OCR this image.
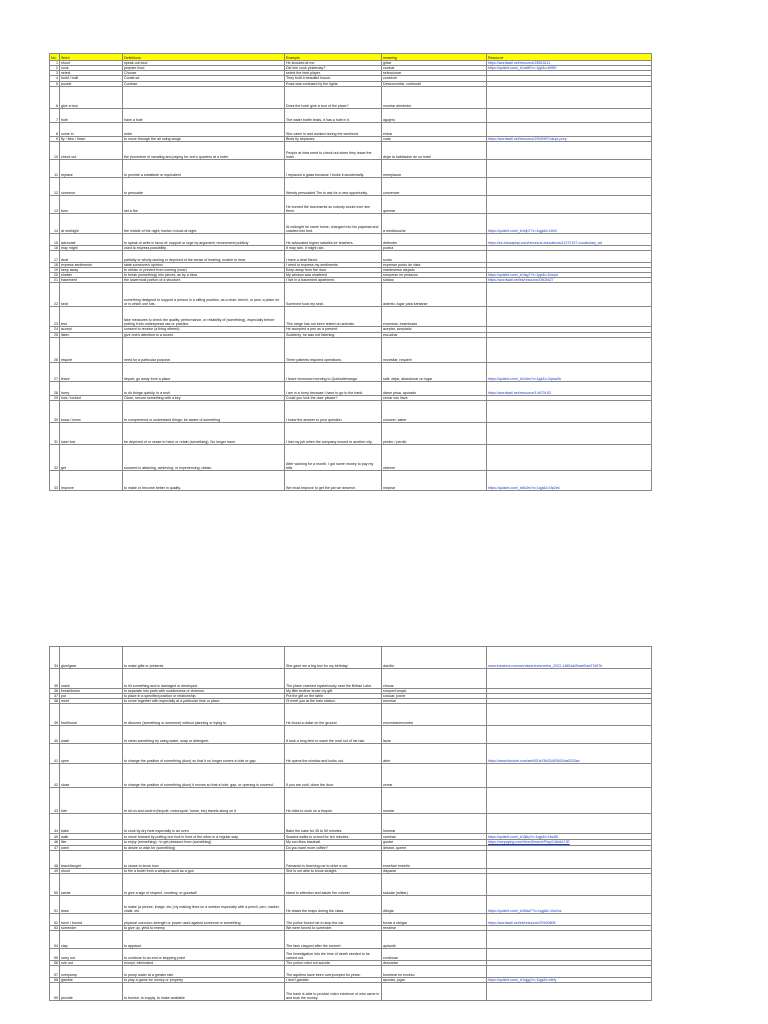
No.	Word	Definitions	Example	meaning	Resource
1	shout	speak out loud	He shouted at me.	gritar	https://wordwall.net/resource/28515111
2	cook	prepare food	Did she cook yesterday?	cocinar	https://quizlet.com/_b1wt8f?x=1jqt&i=4tf9l9
3	select	Choose	select the best player.	seleccionar	
4	build / built	Construct	They built a beautiful house.	construir	
5	puzzle	Confuse	Rosa was confused by the lights.	Desconcertar, confundir	
6	give a tour		Does the hotel give a tour of the place?	mostrar alrededor	
7	hole	have a hole	The water bottle leaks, it has a hole in it.	agujero	
8	come in	enter	She came in and worked during the weekend.	entrar	
9	fly / flew / flown	to move through the air using wings	Birds fly airplanes	volar	https://wordwall.net/resource/2949497/ukupi-prep
10	check out	the procedure of vacating and paying for one's quarters at a hotel.	People at intra need to check out when they leave the hotel.	dejar la habitación de un hotel	
11	replace	to provide a substitute or equivalent	I replaced a glass because I broke it accidentally.	reemplazar	
12	convince	to persuade	Wendy persuaded Tim to ask for a new opportunity.	convencer	
13	burn	set a fire	He burned the documents so nobody would ever see them.	quemar	
14	at midnight	the middle of the night; twelve o'clock at night.	At midnight he came home, changed into his pajamas and crawled into bed.	a medianoche	https://quizlet.com/_b1kjh7?x=1qgt&i=18h3
15	advocate	to speak or write in favor of; support or urge by argument; recommend publicly	He advocated higher salaries for teachers.	defender	https://es.educaplay.com/recursos-educativos/11372157-vocabulary_ad
16	may might	used to express possibility.	It may rain. It might rain.	podría	
17	deaf	partially or wholly lacking or deprived of the sense of hearing; unable to hear.	I have a deaf friend.	sordo	
18	express sentiments	state someone's opinion	I need to express my sentiments.	expresar punto de vista	
19	keep away	to refrain or prevent from coming (near)	Keep away from the door.	mantenerse alejado	
20	shatter	to break (something) into pieces, as by a blow.	My window was shattered	romperse en pedazos	https://quizlet.com/_b1lsg7?x=1jqt&i=1bxysr
21	basement	the lowermost portion of a structure.	I live in a basement apartment.	sótano	https://wordwall.net/es/resource/2804627
22	seat	something designed to support a person in a sitting position, as a chair, bench, or pew; a place on or in which one sits.	Someone took my seat.	asiento, lugar para sentarse	
23	test	take measures to check the quality, performance, or reliability of (something), especially before putting it into widespread use or practice.	This range has not been tested on animals.	examinar, examinado	
24	accept	consent to receive (a thing offered).	He accepted a pen as a present.	aceptar, aceptado	
25	listen	give one's attention to a sound.	Suddenly, he was not listening.	escuchar	
26	require	need for a particular purpose.	Three patients required operations.	necesitar, requerir	
27	leave	depart, go away from a place	I leave tomorrow morning to Quetzaltenango.	salir, dejar, abandonar un lugar	https://quizlet.com/_b2vttm?x=1jqt&i=2qmw3s
28	hurry	to do things quickly, in a rush	I am in a hurry because I have to go to the bank.	darse prisa, apurado	https://wordwall.net/resource/14670163
29	lock / locked	Close, secure something with a key	Could you lock the door please?	cerrar con llave	
30	know / knew	to comprehend or understand things; be aware of something	I knew the answer to your question.	conocer, saber	
31	lose/ lost	be deprived of or cease to have or retain (something). No longer have.	I lost my job when the company moved to another city.	perder / perdió	
32	get	succeed in attaining, achieving, or experiencing; obtain.	After working for a month, I got some money to pay my bills.	obtener	
33	improve	to make or become better in quality.	We must improve to get the job we deserve.	mejorar	https://quizlet.com/_b8s3m?x=1qgt&i=1fp2ek
34	give/gave	to make gifts or presents	She gave me a big box for my birthday.	dar/dió	www.eduxima.com/wordsearches/verbs_2022-14854af2baef0ae27d57b
35	crash	to hit something and is damaged or destroyed.	The plane crashed mysteriously near the Brittan Lake.	chocar	
36	break/broke	to separate into parts with suddenness or violence.	My little brother broke my gift.	romper/rompió	
37	put	to place in a specified position or relationship.	Put the gift on the table.	colocar, poner	
38	meet	to come together with especially at a particular time or place	I'll meet you at the train station.	reunirse	
39	find/found	to discover (something or someone) without planning or trying to	He found a dollar on the ground	encontrar/encontró	
40	wash	to clean something by using water, soap or detergent.	It took a long time to wash the mud out of his hair.	lavar	
41	open	to change the position of something (door) so that it no longer covers a hole or gap.	He opens the window and looks out.	abrir	https://www.blooket.com/set/620a78b32d53652da6333aa
42	close	to change the position of something (door) it moves so that a hole, gap, or opening is covered.	If you are cold, close the door.	cerrar	
43	ride	to sit on and control (bicycle, motorcycle, horse, etc) travels along on it	He rides to work on a bicycle.	montar	
44	bake	to cook by dry heat especially in an oven	Bake the cake for 35 to 50 minutes	hornear	
45	walk	to move forward by putting one foot in front of the other in a regular way.	Susana walks to school for ten minutes.	caminar	https://quizlet.com/_b1lj8q?x=1qgt&i=1iw48l
46	like	to enjoy (something) : to get pleasure from (something)	My son likes baseball.	gustar	https://mepaying.com/WordSearch/Play/OAb6A7JE
47	want	to desire or wish for (something)	Do you want more coffee?	desear, querer	
48	teach/taught	to cause to know how	Fernando is teaching me to drive a car.	enseñar/ enseñó	
49	shoot	to fire a bullet from a weapon such as a gun	She is not able to shoot straight.	disparar	
50	salute	to give a sign of respect, courtesy, or goodwill	stand to attention and salute the colonel	saludar (militar)	
51	draw	to make (a picture, image, etc.) by making lines on a surface especially with a pencil, pen, marker, chalk, etc.	He draws the maps during the class.	dibujar	https://quizlet.com/_b45da7?x=1qgt&i=1hs2oz
52	force / forced	physical coercion; strength or power used against someone or something	The police forced me to stop the car.	forzar a obligar	https://wordwall.net/es/resource/29150808
53	surrender	to give up, yield to enemy	We were forced to surrender.	rendirse	
54	clap	to applaud	The fans clapped after the concert.	aplaudir	
55	carry out	to continue to an end or stopping point	The investigation into the time of death needed to be carried out.	continuar	
56	rule out	except, eliminated	The police ruled out suicide.	descartar	
57	overpump	to pump water at a greater rate	The aquifers have been overpumped for years.	bombear en exceso	
58	gamble	to play a game for money or property	I don't gamble.	apostar, jugar	https://quizlet.com/_b1kjgg?x=1qgt&i=vfefy
59	provide	to furnish, to supply, to make available	The bank is able to provide video evidence of who came in and took the money.		
